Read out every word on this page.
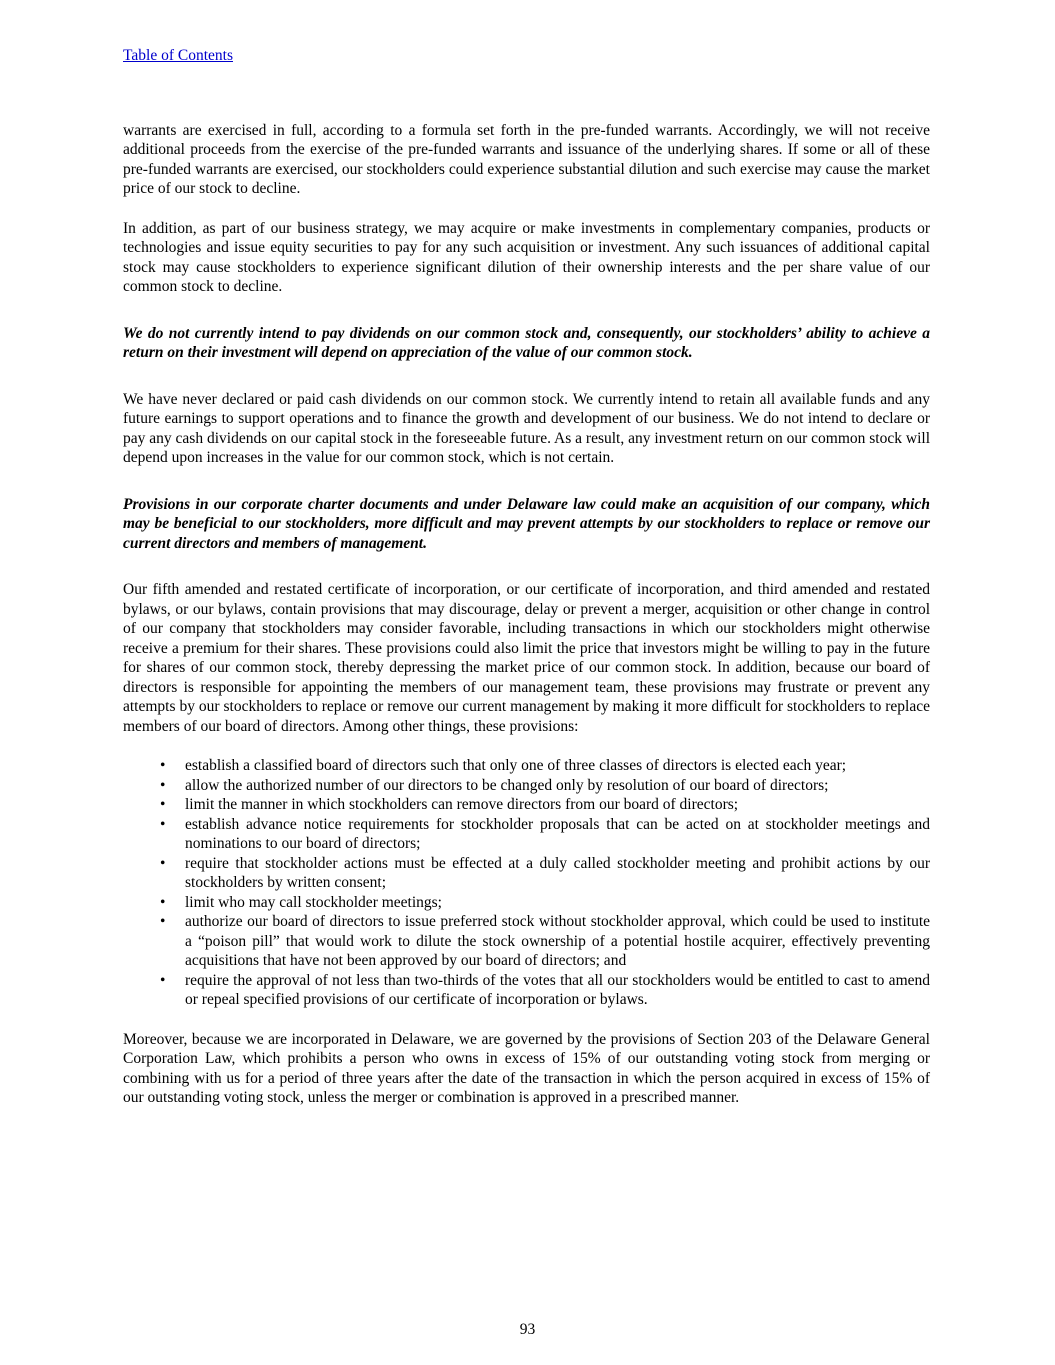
Table of Contents

warrants are exercised in full, according to a formula set forth in the pre-funded warrants. Accordingly, we will not receive additional proceeds from the exercise of the pre-funded warrants and issuance of the underlying shares. If some or all of these pre-funded warrants are exercised, our stockholders could experience substantial dilution and such exercise may cause the market price of our stock to decline.

In addition, as part of our business strategy, we may acquire or make investments in complementary companies, products or technologies and issue equity securities to pay for any such acquisition or investment. Any such issuances of additional capital stock may cause stockholders to experience significant dilution of their ownership interests and the per share value of our common stock to decline.

We do not currently intend to pay dividends on our common stock and, consequently, our stockholders’ ability to achieve a return on their investment will depend on appreciation of the value of our common stock.

We have never declared or paid cash dividends on our common stock. We currently intend to retain all available funds and any future earnings to support operations and to finance the growth and development of our business. We do not intend to declare or pay any cash dividends on our capital stock in the foreseeable future. As a result, any investment return on our common stock will depend upon increases in the value for our common stock, which is not certain.

Provisions in our corporate charter documents and under Delaware law could make an acquisition of our company, which may be beneficial to our stockholders, more difficult and may prevent attempts by our stockholders to replace or remove our current directors and members of management.

Our fifth amended and restated certificate of incorporation, or our certificate of incorporation, and third amended and restated bylaws, or our bylaws, contain provisions that may discourage, delay or prevent a merger, acquisition or other change in control of our company that stockholders may consider favorable, including transactions in which our stockholders might otherwise receive a premium for their shares. These provisions could also limit the price that investors might be willing to pay in the future for shares of our common stock, thereby depressing the market price of our common stock. In addition, because our board of directors is responsible for appointing the members of our management team, these provisions may frustrate or prevent any attempts by our stockholders to replace or remove our current management by making it more difficult for stockholders to replace members of our board of directors. Among other things, these provisions:

•	establish a classified board of directors such that only one of three classes of directors is elected each year;
•	allow the authorized number of our directors to be changed only by resolution of our board of directors;
•	limit the manner in which stockholders can remove directors from our board of directors;
•	establish advance notice requirements for stockholder proposals that can be acted on at stockholder meetings and nominations to our board of directors;
•	require that stockholder actions must be effected at a duly called stockholder meeting and prohibit actions by our stockholders by written consent;
•	limit who may call stockholder meetings;
•	authorize our board of directors to issue preferred stock without stockholder approval, which could be used to institute a “poison pill” that would work to dilute the stock ownership of a potential hostile acquirer, effectively preventing acquisitions that have not been approved by our board of directors; and
•	require the approval of not less than two-thirds of the votes that all our stockholders would be entitled to cast to amend or repeal specified provisions of our certificate of incorporation or bylaws.

Moreover, because we are incorporated in Delaware, we are governed by the provisions of Section 203 of the Delaware General Corporation Law, which prohibits a person who owns in excess of 15% of our outstanding voting stock from merging or combining with us for a period of three years after the date of the transaction in which the person acquired in excess of 15% of our outstanding voting stock, unless the merger or combination is approved in a prescribed manner.

93
